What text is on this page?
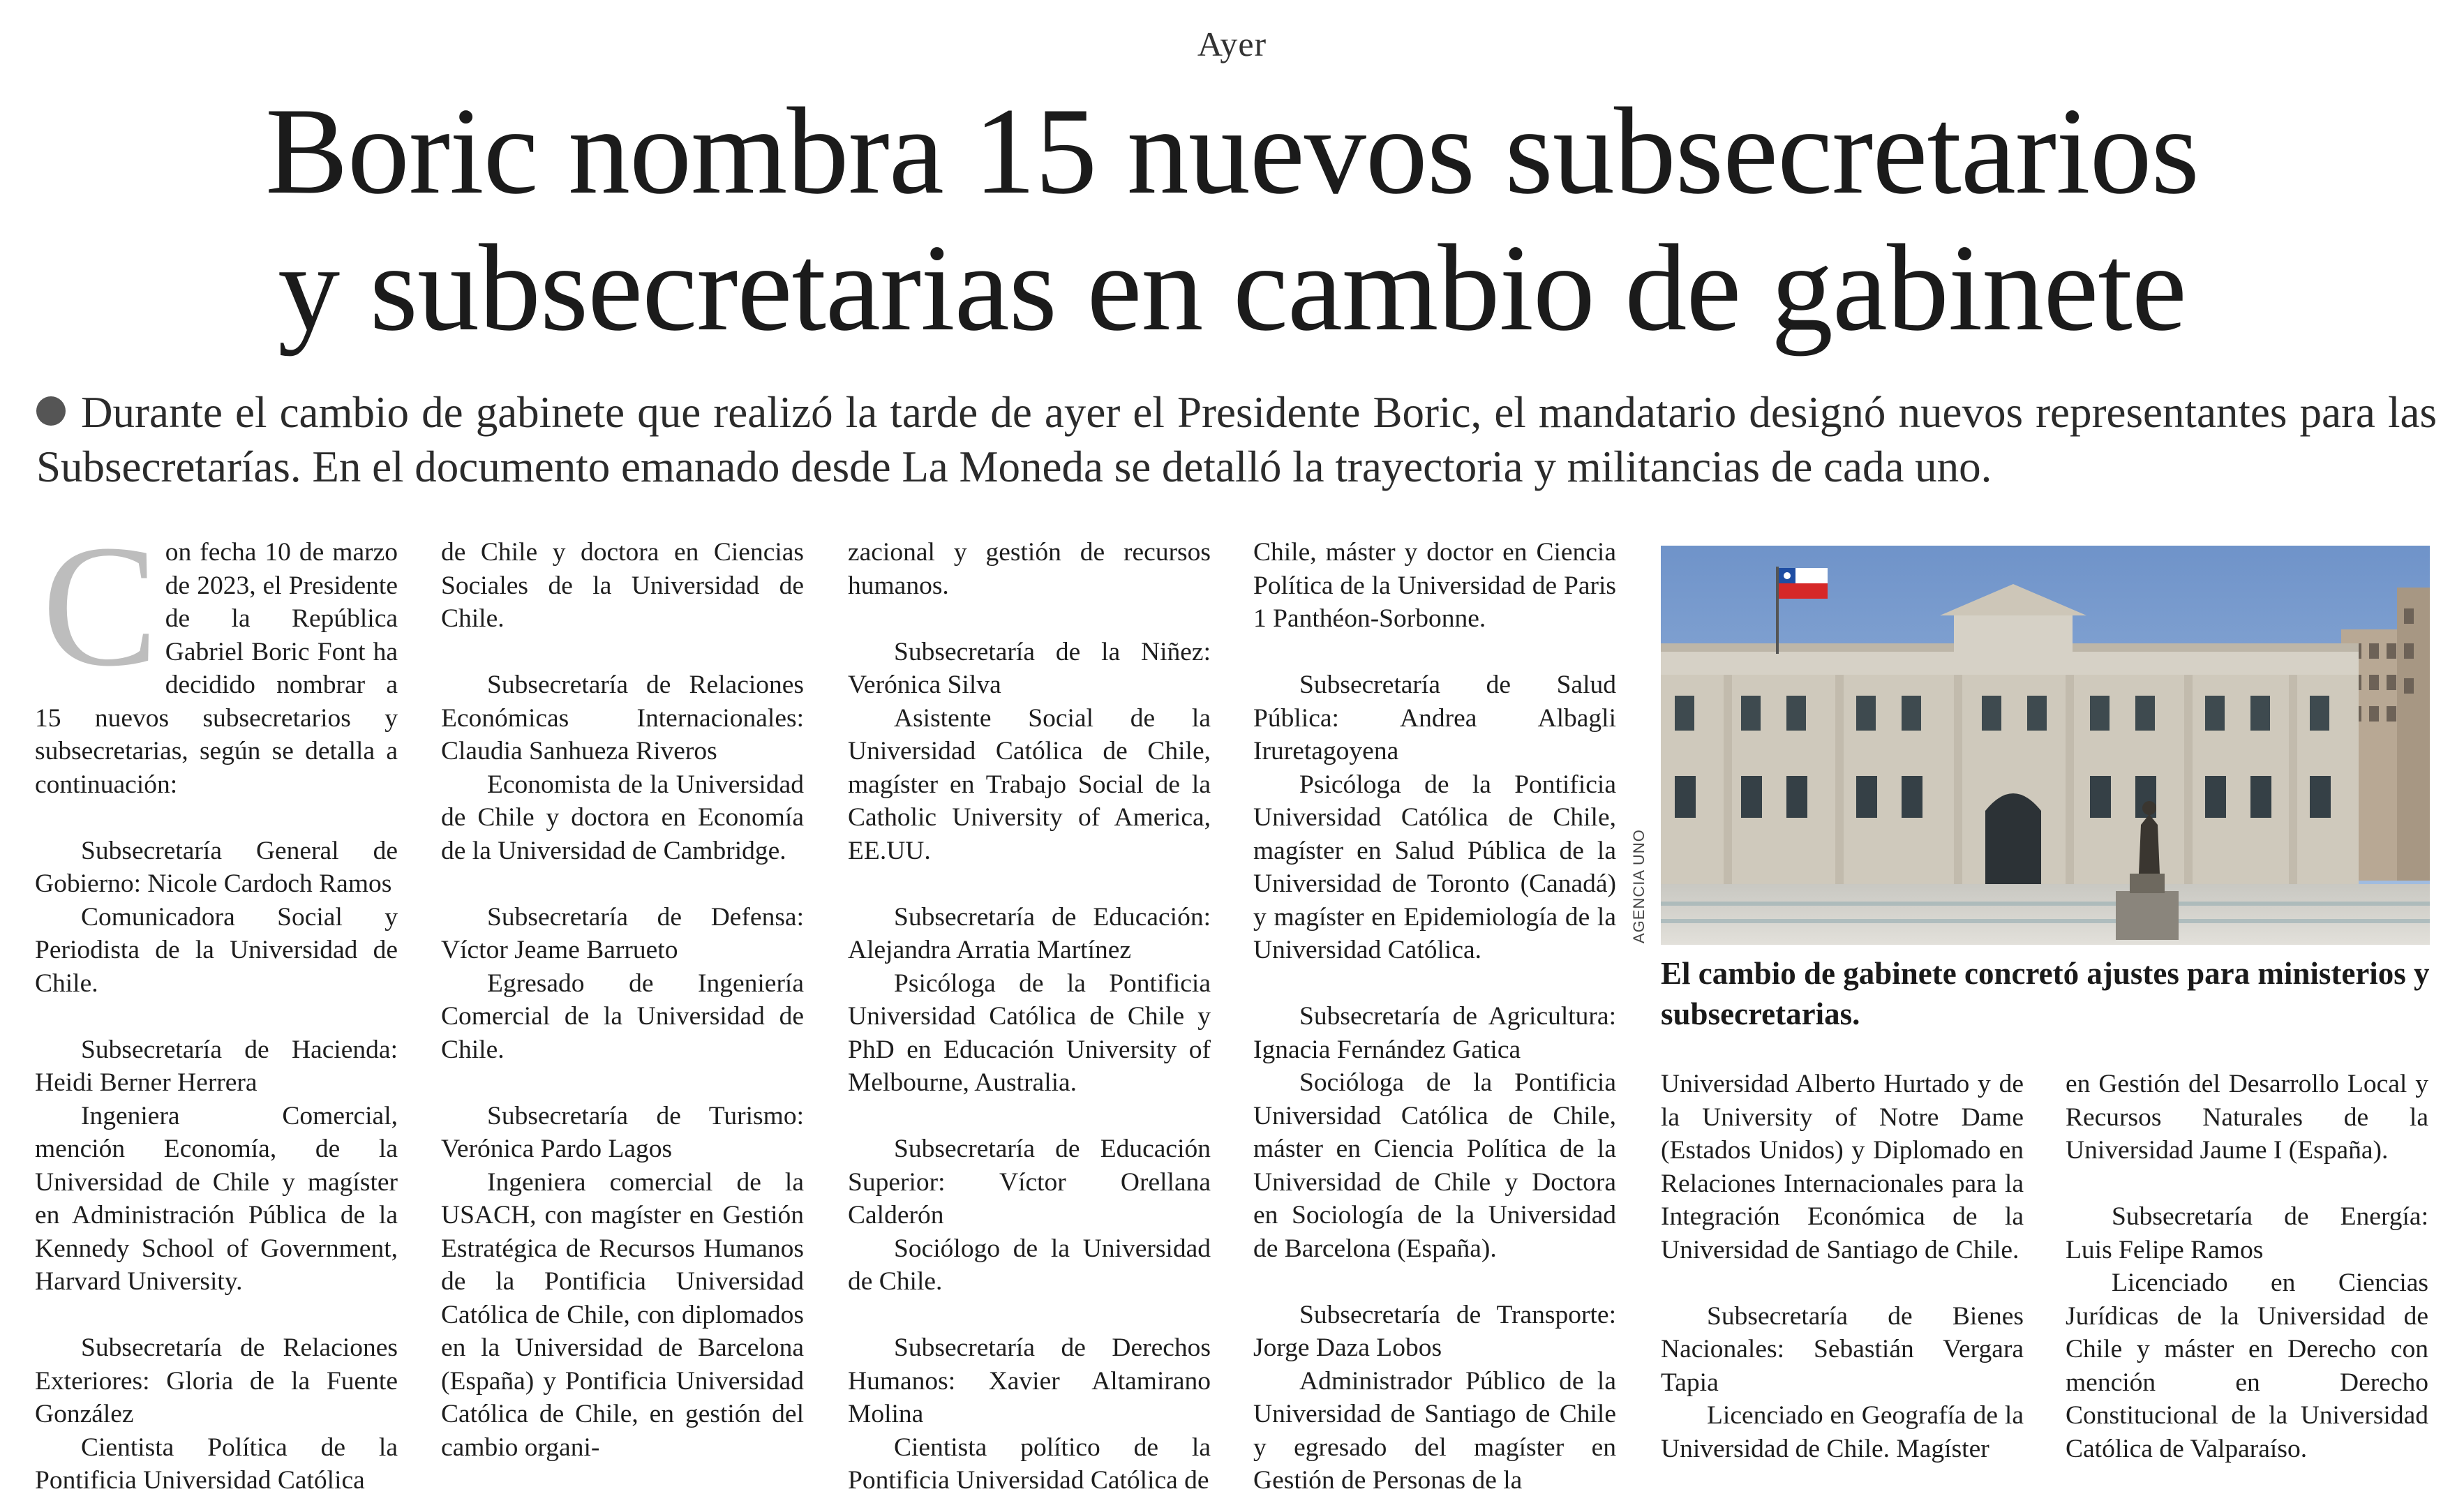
Ayer
Boric nombra 15 nuevos subsecretarios
y subsecretarias en cambio de gabinete
Durante el cambio de gabinete que realizó la tarde de ayer el Presidente Boric, el mandatario designó nuevos representantes para las Subsecretarías. En el documento emanado desde La Moneda se detalló la trayectoria y militancias de cada uno.
C on fecha 10 de marzo de 2023, el Presidente de la República Gabriel Boric Font ha decidido nombrar a 15 nuevos subsecretarios y subsecretarias, según se detalla a continuación:

Subsecretaría General de Gobierno: Nicole Cardoch Ramos

Comunicadora Social y Periodista de la Universidad de Chile.

Subsecretaría de Hacienda: Heidi Berner Herrera

Ingeniera Comercial, mención Economía, de la Universidad de Chile y magíster en Administración Pública de la Kennedy School of Government, Harvard University.

Subsecretaría de Relaciones Exteriores: Gloria de la Fuente González

Cientista Política de la Pontificia Universidad Católica

de Chile y doctora en Ciencias Sociales de la Universidad de Chile.

Subsecretaría de Relaciones Económicas Internacionales: Claudia Sanhueza Riveros

Economista de la Universidad de Chile y doctora en Economía de la Universidad de Cambridge.

Subsecretaría de Defensa: Víctor Jeame Barrueto

Egresado de Ingeniería Comercial de la Universidad de Chile.

Subsecretaría de Turismo: Verónica Pardo Lagos

Ingeniera comercial de la USACH, con magíster en Gestión Estratégica de Recursos Humanos de la Pontificia Universidad Católica de Chile, con diplomados en la Universidad de Barcelona (España) y Pontificia Universidad Católica de Chile, en gestión del cambio organi-

zacional y gestión de recursos humanos.

Subsecretaría de la Niñez: Verónica Silva

Asistente Social de la Universidad Católica de Chile, magíster en Trabajo Social de la Catholic University of America, EE.UU.

Subsecretaría de Educación: Alejandra Arratia Martínez

Psicóloga de la Pontificia Universidad Católica de Chile y PhD en Educación University of Melbourne, Australia.

Subsecretaría de Educación Superior: Víctor Orellana Calderón

Sociólogo de la Universidad de Chile.

Subsecretaría de Derechos Humanos: Xavier Altamirano Molina

Cientista político de la Pontificia Universidad Católica de

Chile, máster y doctor en Ciencia Política de la Universidad de Paris 1 Panthéon-Sorbonne.

Subsecretaría de Salud Pública: Andrea Albagli Iruretagoyena

Psicóloga de la Pontificia Universidad Católica de Chile, magíster en Salud Pública de la Universidad de Toronto (Canadá) y magíster en Epidemiología de la Universidad Católica.

Subsecretaría de Agricultura: Ignacia Fernández Gatica

Socióloga de la Pontificia Universidad Católica de Chile, máster en Ciencia Política de la Universidad de Chile y Doctora en Sociología de la Universidad de Barcelona (España).

Subsecretaría de Transporte: Jorge Daza Lobos

Administrador Público de la Universidad de Santiago de Chile y egresado del magíster en Gestión de Personas de la

AGENCIA UNO
El cambio de gabinete concretó ajustes para ministerios y subsecretarias.

Universidad Alberto Hurtado y de la University of Notre Dame (Estados Unidos) y Diplomado en Relaciones Internacionales para la Integración Económica de la Universidad de Santiago de Chile.

Subsecretaría de Bienes Nacionales: Sebastián Vergara Tapia

Licenciado en Geografía de la Universidad de Chile. Magíster

en Gestión del Desarrollo Local y Recursos Naturales de la Universidad Jaume I (España).

Subsecretaría de Energía: Luis Felipe Ramos

Licenciado en Ciencias Jurídicas de la Universidad de Chile y máster en Derecho con mención en Derecho Constitucional de la Universidad Católica de Valparaíso.
